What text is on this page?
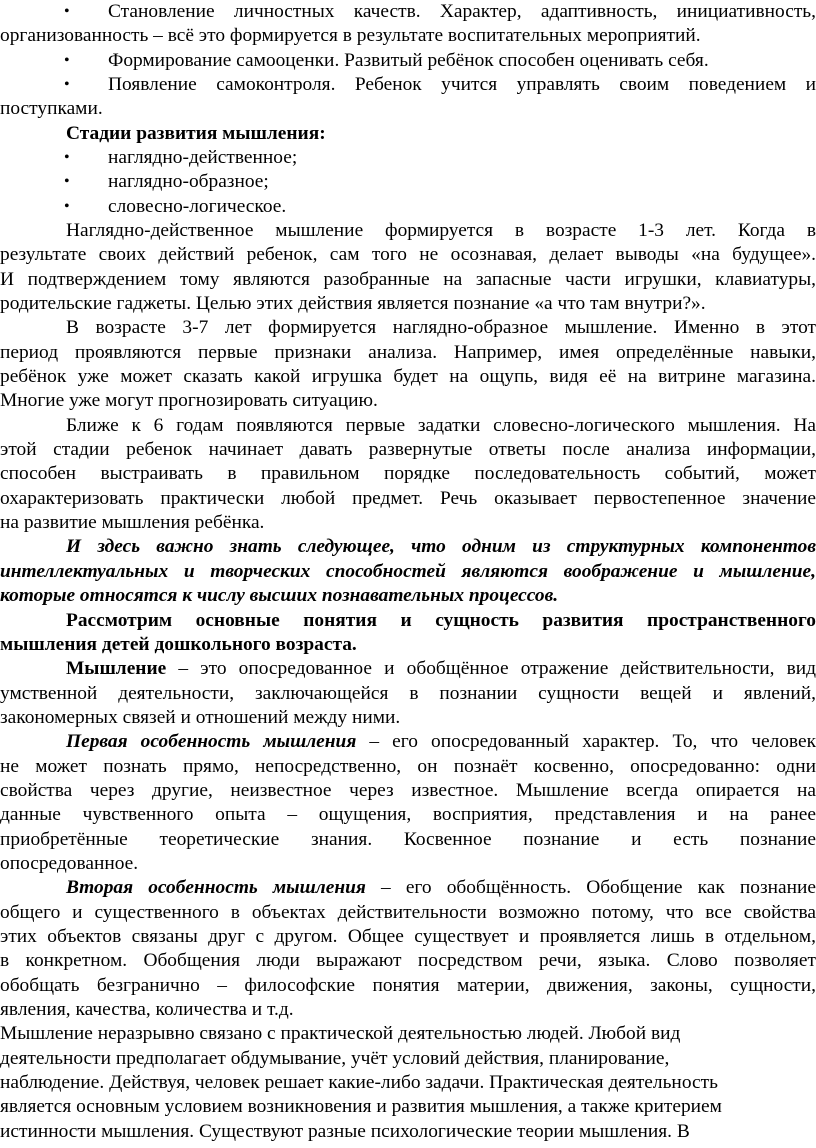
•	Становление личностных качеств. Характер, адаптивность, инициативность,
организованность – всё это формируется в результате воспитательных мероприятий.
• Формирование самооценки. Развитый ребёнок способен оценивать себя.
•	Появление самоконтроля. Ребенок учится управлять своим поведением и
поступками.
Стадии развития мышления:
• наглядно-действенное;
• наглядно-образное;
• словесно-логическое.
Наглядно-действенное мышление формируется в возрасте 1-3 лет. Когда в
результате своих действий ребенок, сам того не осознавая, делает выводы «на будущее».
И подтверждением тому являются разобранные на запасные части игрушки, клавиатуры,
родительские гаджеты. Целью этих действия является познание «а что там внутри?».
В возрасте 3-7 лет формируется наглядно-образное мышление. Именно в этот
период проявляются первые признаки анализа. Например, имея определённые навыки,
ребёнок уже может сказать какой игрушка будет на ощупь, видя её на витрине магазина.
Многие уже могут прогнозировать ситуацию.
Ближе к 6 годам появляются первые задатки словесно-логического мышления. На
этой стадии ребенок начинает давать развернутые ответы после анализа информации,
способен выстраивать в правильном порядке последовательность событий, может
охарактеризовать практически любой предмет. Речь оказывает первостепенное значение
на развитие мышления ребёнка.
И здесь важно знать следующее, что одним из структурных компонентов
интеллектуальных и творческих способностей являются воображение и мышление,
которые относятся к числу высших познавательных процессов.
Рассмотрим основные понятия и сущность развития пространственного
мышления детей дошкольного возраста.
Мышление – это опосредованное и обобщённое отражение действительности, вид
умственной деятельности, заключающейся в познании сущности вещей и явлений,
закономерных связей и отношений между ними.
Первая особенность мышления – его опосредованный характер. То, что человек
не может познать прямо, непосредственно, он познаёт косвенно, опосредованно: одни
свойства через другие, неизвестное через известное. Мышление всегда опирается на
данные чувственного опыта – ощущения, восприятия, представления и на ранее
приобретённые теоретические знания. Косвенное познание и есть познание
опосредованное.
Вторая особенность мышления – его обобщённость. Обобщение как познание
общего и существенного в объектах действительности возможно потому, что все свойства
этих объектов связаны друг с другом. Общее существует и проявляется лишь в отдельном,
в конкретном. Обобщения люди выражают посредством речи, языка. Слово позволяет
обобщать безгранично – философские понятия материи, движения, законы, сущности,
явления, качества, количества и т.д.
Мышление неразрывно связано с практической деятельностью людей. Любой вид
деятельности предполагает обдумывание, учёт условий действия, планирование,
наблюдение. Действуя, человек решает какие-либо задачи. Практическая деятельность
является основным условием возникновения и развития мышления, а также критерием
истинности мышления. Существуют разные психологические теории мышления. В
